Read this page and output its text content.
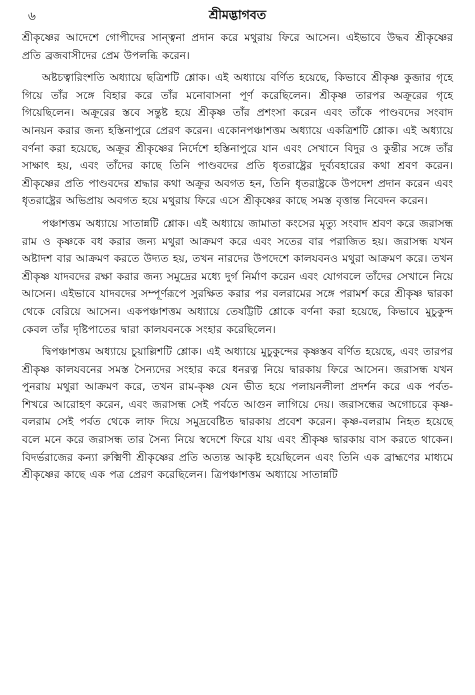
৬	শ্রীমদ্ভাগবত

শ্রীকৃষ্ণের আদেশে গোপীদের সান্ত্বনা প্রদান করে মথুরায় ফিরে আসেন। এইভাবে উদ্ধব শ্রীকৃষ্ণের প্রতি ব্রজবাসীদের প্রেম উপলব্ধি করেন।

অষ্টচত্বারিংশতি অধ্যায়ে ছত্রিশটি শ্লোক। এই অধ্যায়ে বর্ণিত হয়েছে, কিভাবে শ্রীকৃষ্ণ কুব্জার গৃহে গিয়ে তাঁর সঙ্গে বিহার করে তাঁর মনোবাসনা পূর্ণ করেছিলেন। শ্রীকৃষ্ণ তারপর অক্রূরের গৃহে গিয়েছিলেন। অক্রূরের স্তবে সন্তুষ্ট হয়ে শ্রীকৃষ্ণ তাঁর প্রশংসা করেন এবং তাঁকে পাণ্ডবদের সংবাদ আনয়ন করার জন্য হস্তিনাপুরে প্রেরণ করেন। একোনপঞ্চাশত্তম অধ্যায়ে একত্রিশটি শ্লোক। এই অধ্যায়ে বর্ণনা করা হয়েছে, অক্রূর শ্রীকৃষ্ণের নির্দেশে হস্তিনাপুরে যান এবং সেখানে বিদুর ও কুন্তীর সঙ্গে তাঁর সাক্ষাৎ হয়, এবং তাঁদের কাছে তিনি পাণ্ডবদের প্রতি ধৃতরাষ্ট্রের দুর্ব্যবহারের কথা শ্রবণ করেন। শ্রীকৃষ্ণের প্রতি পাণ্ডবদের শ্রদ্ধার কথা অক্রূর অবগত হন, তিনি ধৃতরাষ্ট্রকে উপদেশ প্রদান করেন এবং ধৃতরাষ্ট্রের অভিপ্রায় অবগত হয়ে মথুরায় ফিরে এসে শ্রীকৃষ্ণের কাছে সমস্ত বৃত্তান্ত নিবেদন করেন।

পঞ্চাশত্তম অধ্যায়ে সাতান্নটি শ্লোক। এই অধ্যায়ে জামাতা কংসের মৃত্যু সংবাদ শ্রবণ করে জরাসন্ধ রাম ও কৃষ্ণকে বধ করার জন্য মথুরা আক্রমণ করে এবং সতের বার পরাজিত হয়। জরাসন্ধ যখন অষ্টাদশ বার আক্রমণ করতে উদ্যত হয়, তখন নারদের উপদেশে কালযবনও মথুরা আক্রমণ করে। তখন শ্রীকৃষ্ণ যাদবদের রক্ষা করার জন্য সমুদ্রের মধ্যে দুর্গ নির্মাণ করেন এবং যোগবলে তাঁদের সেখানে নিয়ে আসেন। এইভাবে যাদবদের সম্পূর্ণরূপে সুরক্ষিত করার পর বলরামের সঙ্গে পরামর্শ করে শ্রীকৃষ্ণ দ্বারকা থেকে বেরিয়ে আসেন। একপঞ্চাশত্তম অধ্যায়ে তেষট্টিটি শ্লোকে বর্ণনা করা হয়েছে, কিভাবে মুচুকুন্দ কেবল তাঁর দৃষ্টিপাতের দ্বারা কালযবনকে সংহার করেছিলেন।

দ্বিপঞ্চাশত্তম অধ্যায়ে চুয়াল্লিশটি শ্লোক। এই অধ্যায়ে মুচুকুন্দের কৃষ্ণস্তব বর্ণিত হয়েছে, এবং তারপর শ্রীকৃষ্ণ কালযবনের সমস্ত সৈন্যদের সংহার করে ধনরত্ন নিয়ে দ্বারকায় ফিরে আসেন। জরাসন্ধ যখন পুনরায় মথুরা আক্রমণ করে, তখন রাম-কৃষ্ণ যেন ভীত হয়ে পলায়নলীলা প্রদর্শন করে এক পর্বত-শিখরে আরোহণ করেন, এবং জরাসন্ধ সেই পর্বতে আগুন লাগিয়ে দেয়। জরাসন্ধের অগোচরে কৃষ্ণ-বলরাম সেই পর্বত থেকে লাফ দিয়ে সমুদ্রবেষ্টিত দ্বারকায় প্রবেশ করেন। কৃষ্ণ-বলরাম নিহত হয়েছে বলে মনে করে জরাসন্ধ তার সৈন্য নিয়ে স্বদেশে ফিরে যায় এবং শ্রীকৃষ্ণ দ্বারকায় বাস করতে থাকেন। বিদর্ভরাজের কন্যা রুক্মিণী শ্রীকৃষ্ণের প্রতি অত্যন্ত আকৃষ্ট হয়েছিলেন এবং তিনি এক ব্রাহ্মণের মাধ্যমে শ্রীকৃষ্ণের কাছে এক পত্র প্রেরণ করেছিলেন। ত্রিপঞ্চাশত্তম অধ্যায়ে সাতান্নটি
